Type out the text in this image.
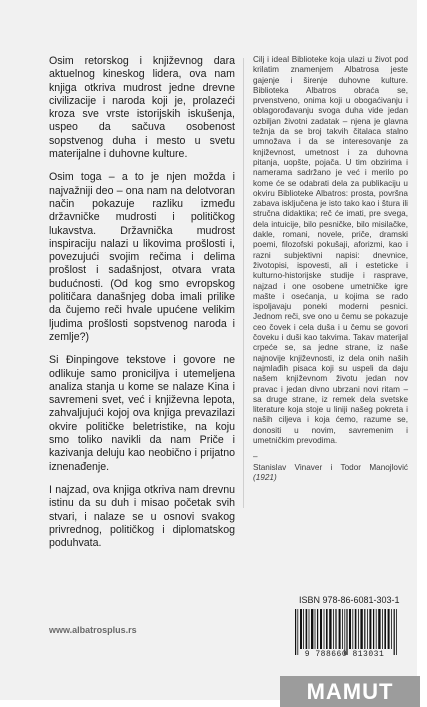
Osim retorskog i književnog dara aktuelnog kineskog lidera, ova nam knjiga otkriva mudrost jedne drevne civilizacije i naroda koji je, prolazeći kroza sve vrste istorijskih iskušenja, uspeo da sačuva osobenost sopstvenog duha i mesto u svetu materijalne i duhovne kulture.

Osim toga – a to je njen možda i najvažniji deo – ona nam na delotvoran način pokazuje razliku između državničke mudrosti i političkog lukavstva. Državnička mudrost inspiraciju nalazi u likovima prošlosti i, povezujući svojim rečima i delima prošlost i sadašnjost, otvara vrata budućnosti. (Od kog smo evropskog političara današnjeg doba imali prilike da čujemo reči hvale upućene velikim ljudima prošlosti sopstvenog naroda i zemlje?)

Si Đinpingove tekstove i govore ne odlikuje samo proniciljva i utemeljena analiza stanja u kome se nalaze Kina i savremeni svet, već i književna lepota, zahvaljujući kojoj ova knjiga prevazilazi okvire političke beletristike, na koju smo toliko navikli da nam Priče i kazivanja deluju kao neobično i prijatno iznenađenje.

I najzad, ova knjiga otkriva nam drevnu istinu da su duh i misao početak svih stvari, i nalaze se u osnovi svakog privrednog, političkog i diplomatskog poduhvata.

Cilj i ideal Biblioteke koja ulazi u život pod krilatim znamenjem Albatrosa jeste gajenje i širenje duhovne kulture. Biblioteka Albatros obraća se, prvenstveno, onima koji u obogaćivanju i oblagorođavanju svoga duha vide jedan ozbiljan životni zadatak – njena je glavna težnja da se broj takvih čitalaca stalno umnožava i da se interesovanje za književnost, umetnost i za duhovna pitanja, uopšte, pojača. U tim obzirima i namerama sadržano je već i merilo po kome će se odabrati dela za publikaciju u okviru Biblioteke Albatros: prosta, površna zabava isključena je isto tako kao i štura ili stručna didaktika; reč će imati, pre svega, dela intuicije, bilo pesničke, bilo misilačke, dakle, romani, novele, priče, dramski poemi, filozofski pokušaji, aforizmi, kao i razni subjektivni napisi: dnevnice, životopisi, ispovesti, ali i esteticke i kulturno-historijske studije i rasprave, najzad i one osobene umetničke igre mašte i osećanja, u kojima se rado ispoljavaju poneki moderni pesnici. Jednom reči, sve ono u čemu se pokazuje ceo čovek i cela duša i u čemu se govori čoveku i duši kao takvima. Takav materijal crpeće se, sa jedne strane, iz naše najnovije književnosti, iz dela onih naših najmlađih pisaca koji su uspeli da daju našem književnom životu jedan nov pravac i jedan divno ubrzani novi ritam – sa druge strane, iz remek dela svetske literature koja stoje u liniji našeg pokreta i naših ciljeva i koja ćemo, razume se, donositi u novim, savremenim i umetničkim prevodima.

–
Stanislav Vinaver i Todor Manojlović (1921)
ISBN 978-86-6081-303-1
9 788660 813031
www.albatrosplus.rs
MAMUT
